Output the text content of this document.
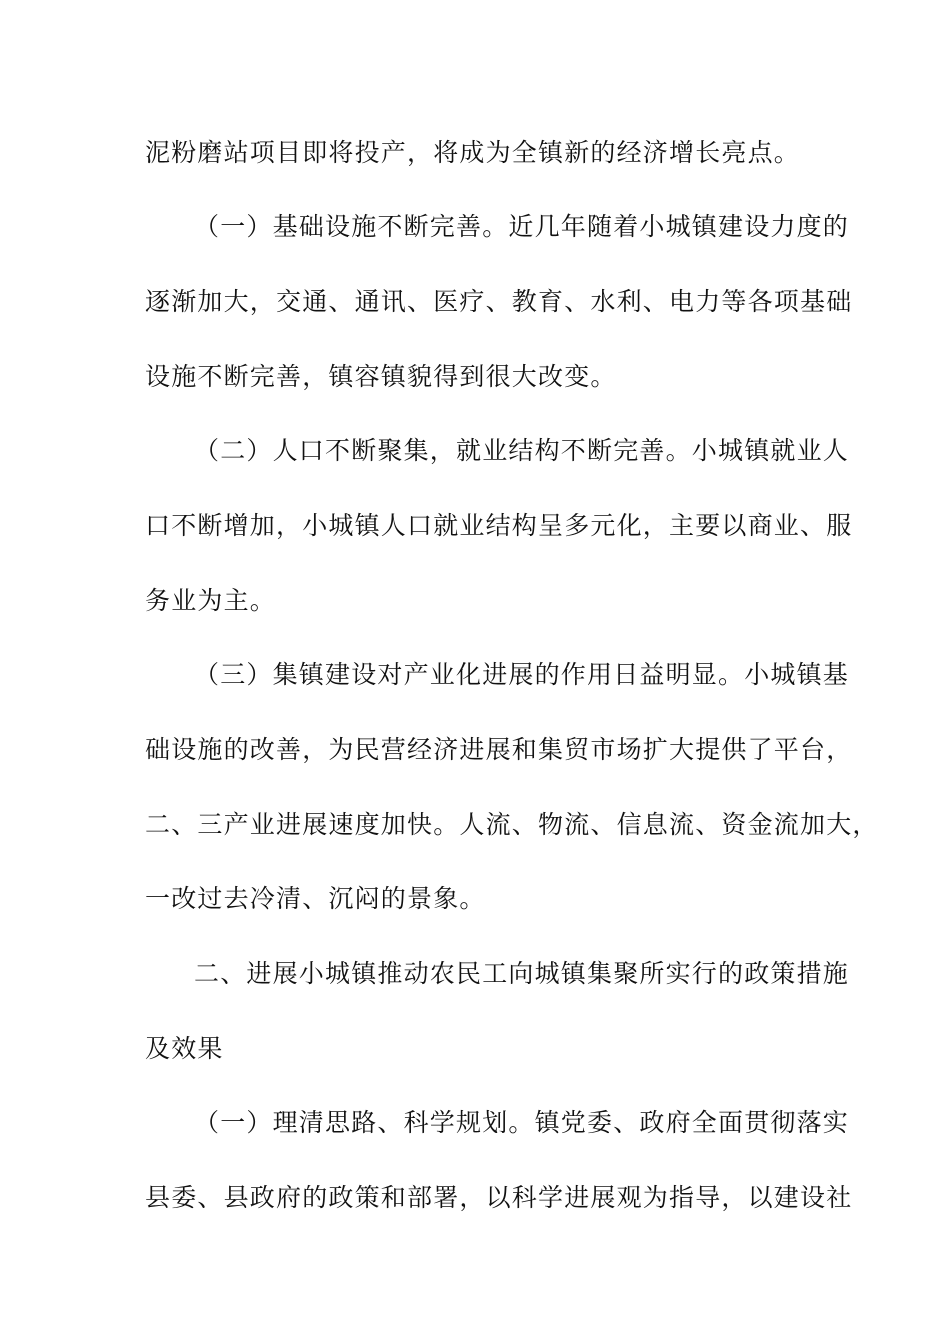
泥粉磨站项目即将投产，将成为全镇新的经济增长亮点。
（一）基础设施不断完善。近几年随着小城镇建设力度的
逐渐加大，交通、通讯、医疗、教育、水利、电力等各项基础
设施不断完善，镇容镇貌得到很大改变。
（二）人口不断聚集，就业结构不断完善。小城镇就业人
口不断增加，小城镇人口就业结构呈多元化，主要以商业、服
务业为主。
（三）集镇建设对产业化进展的作用日益明显。小城镇基
础设施的改善，为民营经济进展和集贸市场扩大提供了平台，
二、三产业进展速度加快。人流、物流、信息流、资金流加大，
一改过去冷清、沉闷的景象。
二、进展小城镇推动农民工向城镇集聚所实行的政策措施
及效果
（一）理清思路、科学规划。镇党委、政府全面贯彻落实
县委、县政府的政策和部署，以科学进展观为指导，以建设社
